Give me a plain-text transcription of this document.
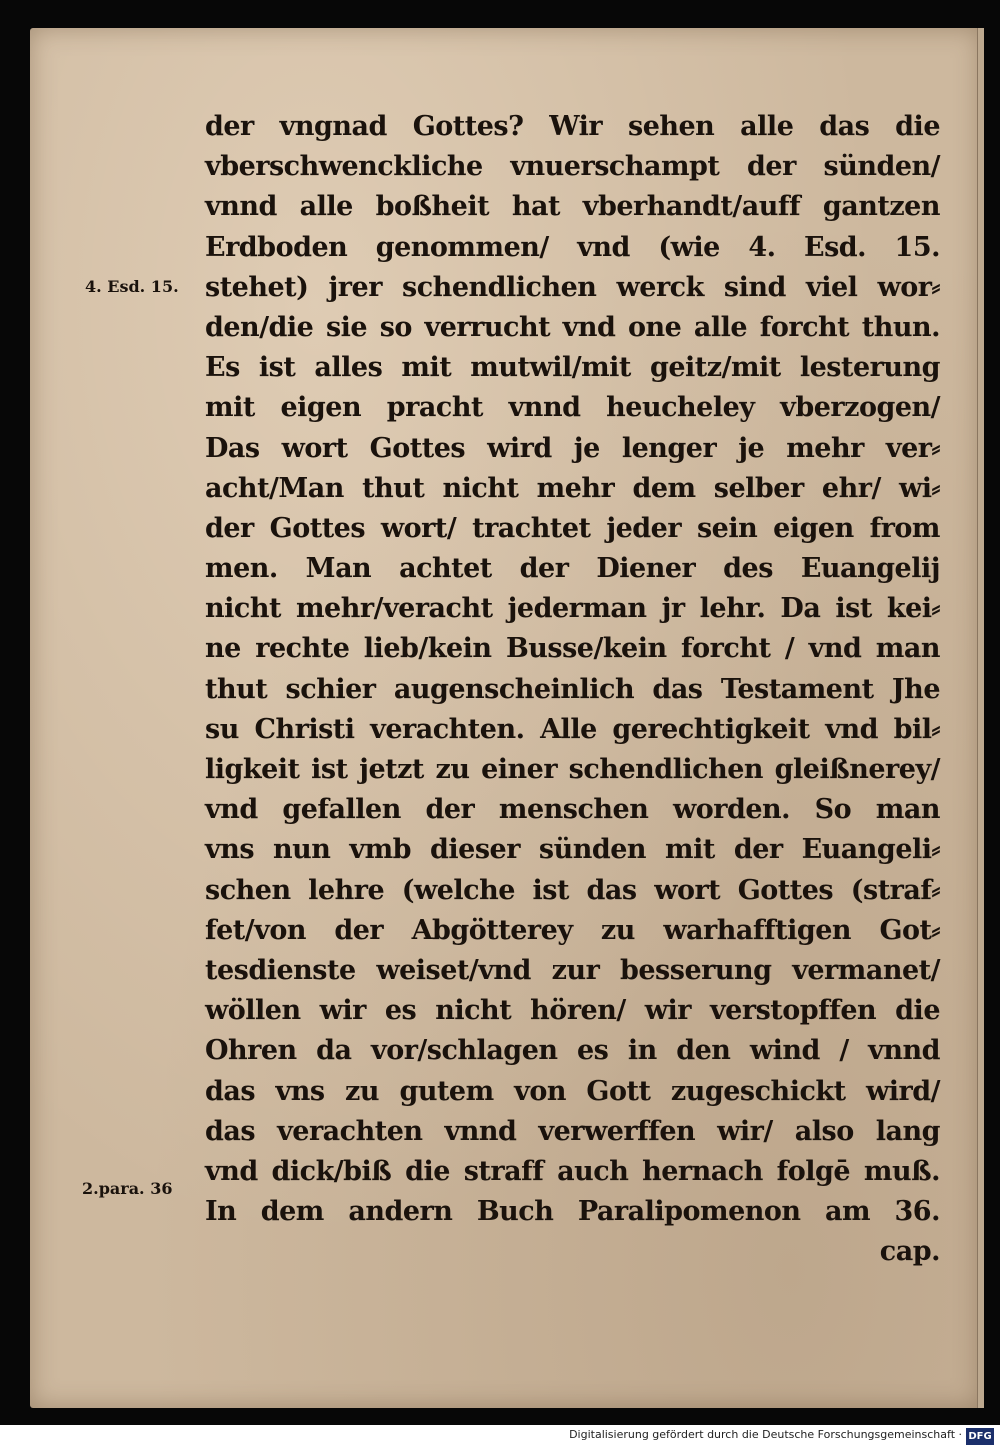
4. Esd. 15.
2.para. 36
der vngnad Gottes? Wir sehen alle das die
vberschwenckliche vnuerschampt der sünden/
vnnd alle boßheit hat vberhandt/auff gantzen
Erdboden genommen/ vnd (wie 4. Esd. 15.
stehet) jrer schendlichen werck sind viel wor⸗
den/die sie so verrucht vnd one alle forcht thun.
Es ist alles mit mutwil/mit geitz/mit lesterung
mit eigen pracht vnnd heucheley vberzogen/
Das wort Gottes wird je lenger je mehr ver⸗
acht/Man thut nicht mehr dem selber ehr/ wi⸗
der Gottes wort/ trachtet jeder sein eigen from
men. Man achtet der Diener des Euangelij
nicht mehr/veracht jederman jr lehr. Da ist kei⸗
ne rechte lieb/kein Busse/kein forcht / vnd man
thut schier augenscheinlich das Testament Jhe
su Christi verachten. Alle gerechtigkeit vnd bil⸗
ligkeit ist jetzt zu einer schendlichen gleißnerey/
vnd gefallen der menschen worden. So man
vns nun vmb dieser sünden mit der Euangeli⸗
schen lehre (welche ist das wort Gottes (straf⸗
fet/von der Abgötterey zu warhafftigen Got⸗
tesdienste weiset/vnd zur besserung vermanet/
wöllen wir es nicht hören/ wir verstopffen die
Ohren da vor/schlagen es in den wind / vnnd
das vns zu gutem von Gott zugeschickt wird/
das verachten vnnd verwerffen wir/ also lang
vnd dick/biß die straff auch hernach folgē muß.
In dem andern Buch Paralipomenon am 36.
cap.
Digitalisierung gefördert durch die Deutsche Forschungsgemeinschaft · DFG
